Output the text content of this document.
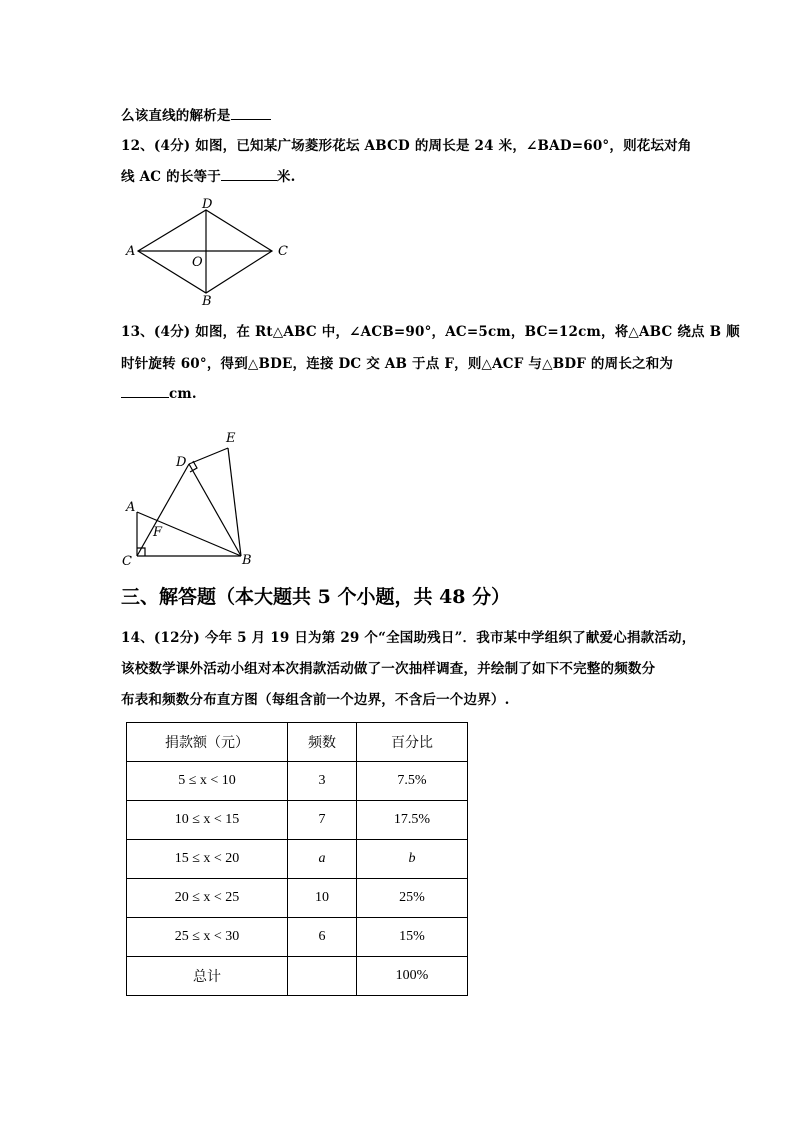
么该直线的解析是
12、(4分) 如图，已知某广场菱形花坛 ABCD 的周长是 24 米，∠BAD=60°，则花坛对角
线 AC 的长等于	米.
A
D
C
B
O
13、(4分) 如图，在 Rt△ABC 中，∠ACB=90°，AC=5cm，BC=12cm，将△ABC 绕点 B 顺
时针旋转 60°，得到△BDE，连接 DC 交 AB 于点 F，则△ACF 与△BDF 的周长之和为
cm.
A
C	B
D
E
F
三、解答题（本大题共 5 个小题，共 48 分）
14、(12分) 今年 5 月 19 日为第 29 个“全国助残日”．我市某中学组织了献爱心捐款活动，
该校数学课外活动小组对本次捐款活动做了一次抽样调查，并绘制了如下不完整的频数分
布表和频数分布直方图（每组含前一个边界，不含后一个边界）.
捐款额（元）	频数	百分比
5 ≤ x < 10	3	7.5%
10 ≤ x < 15	7	17.5%
15 ≤ x < 20	a	b
20 ≤ x < 25	10	25%
25 ≤ x < 30	6	15%
总计		100%
